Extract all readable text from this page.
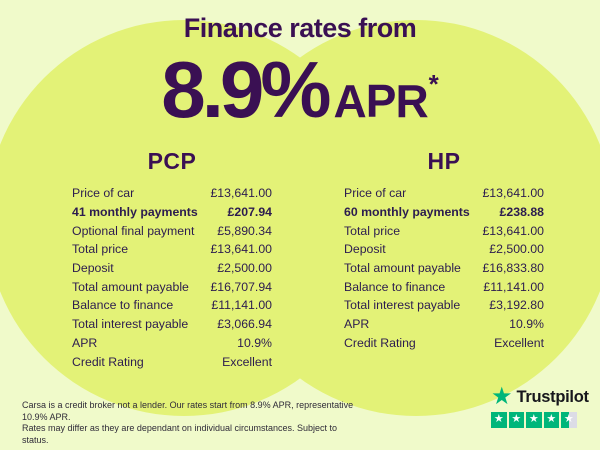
Finance rates from
8.9% APR *
PCP
Price of car	£13,641.00
41 monthly payments £207.94
Optional final payment £5,890.34
Total price	£13,641.00
Deposit	£2,500.00
Total amount payable £16,707.94
Balance to finance	£11,141.00
Total interest payable £3,066.94
APR	10.9%
Credit Rating	Excellent
HP
Price of car	£13,641.00
60 monthly payments £238.88
Total price	£13,641.00
Deposit	£2,500.00
Total amount payable £16,833.80
Balance to finance	£11,141.00
Total interest payable £3,192.80
APR	10.9%
Credit Rating	Excellent
Carsa is a credit broker not a lender. Our rates start from 8.9% APR, representative 10.9% APR.
Rates may differ as they are dependant on individual circumstances. Subject to status.
★ Trustpilot
★ ★ ★ ★ ★
